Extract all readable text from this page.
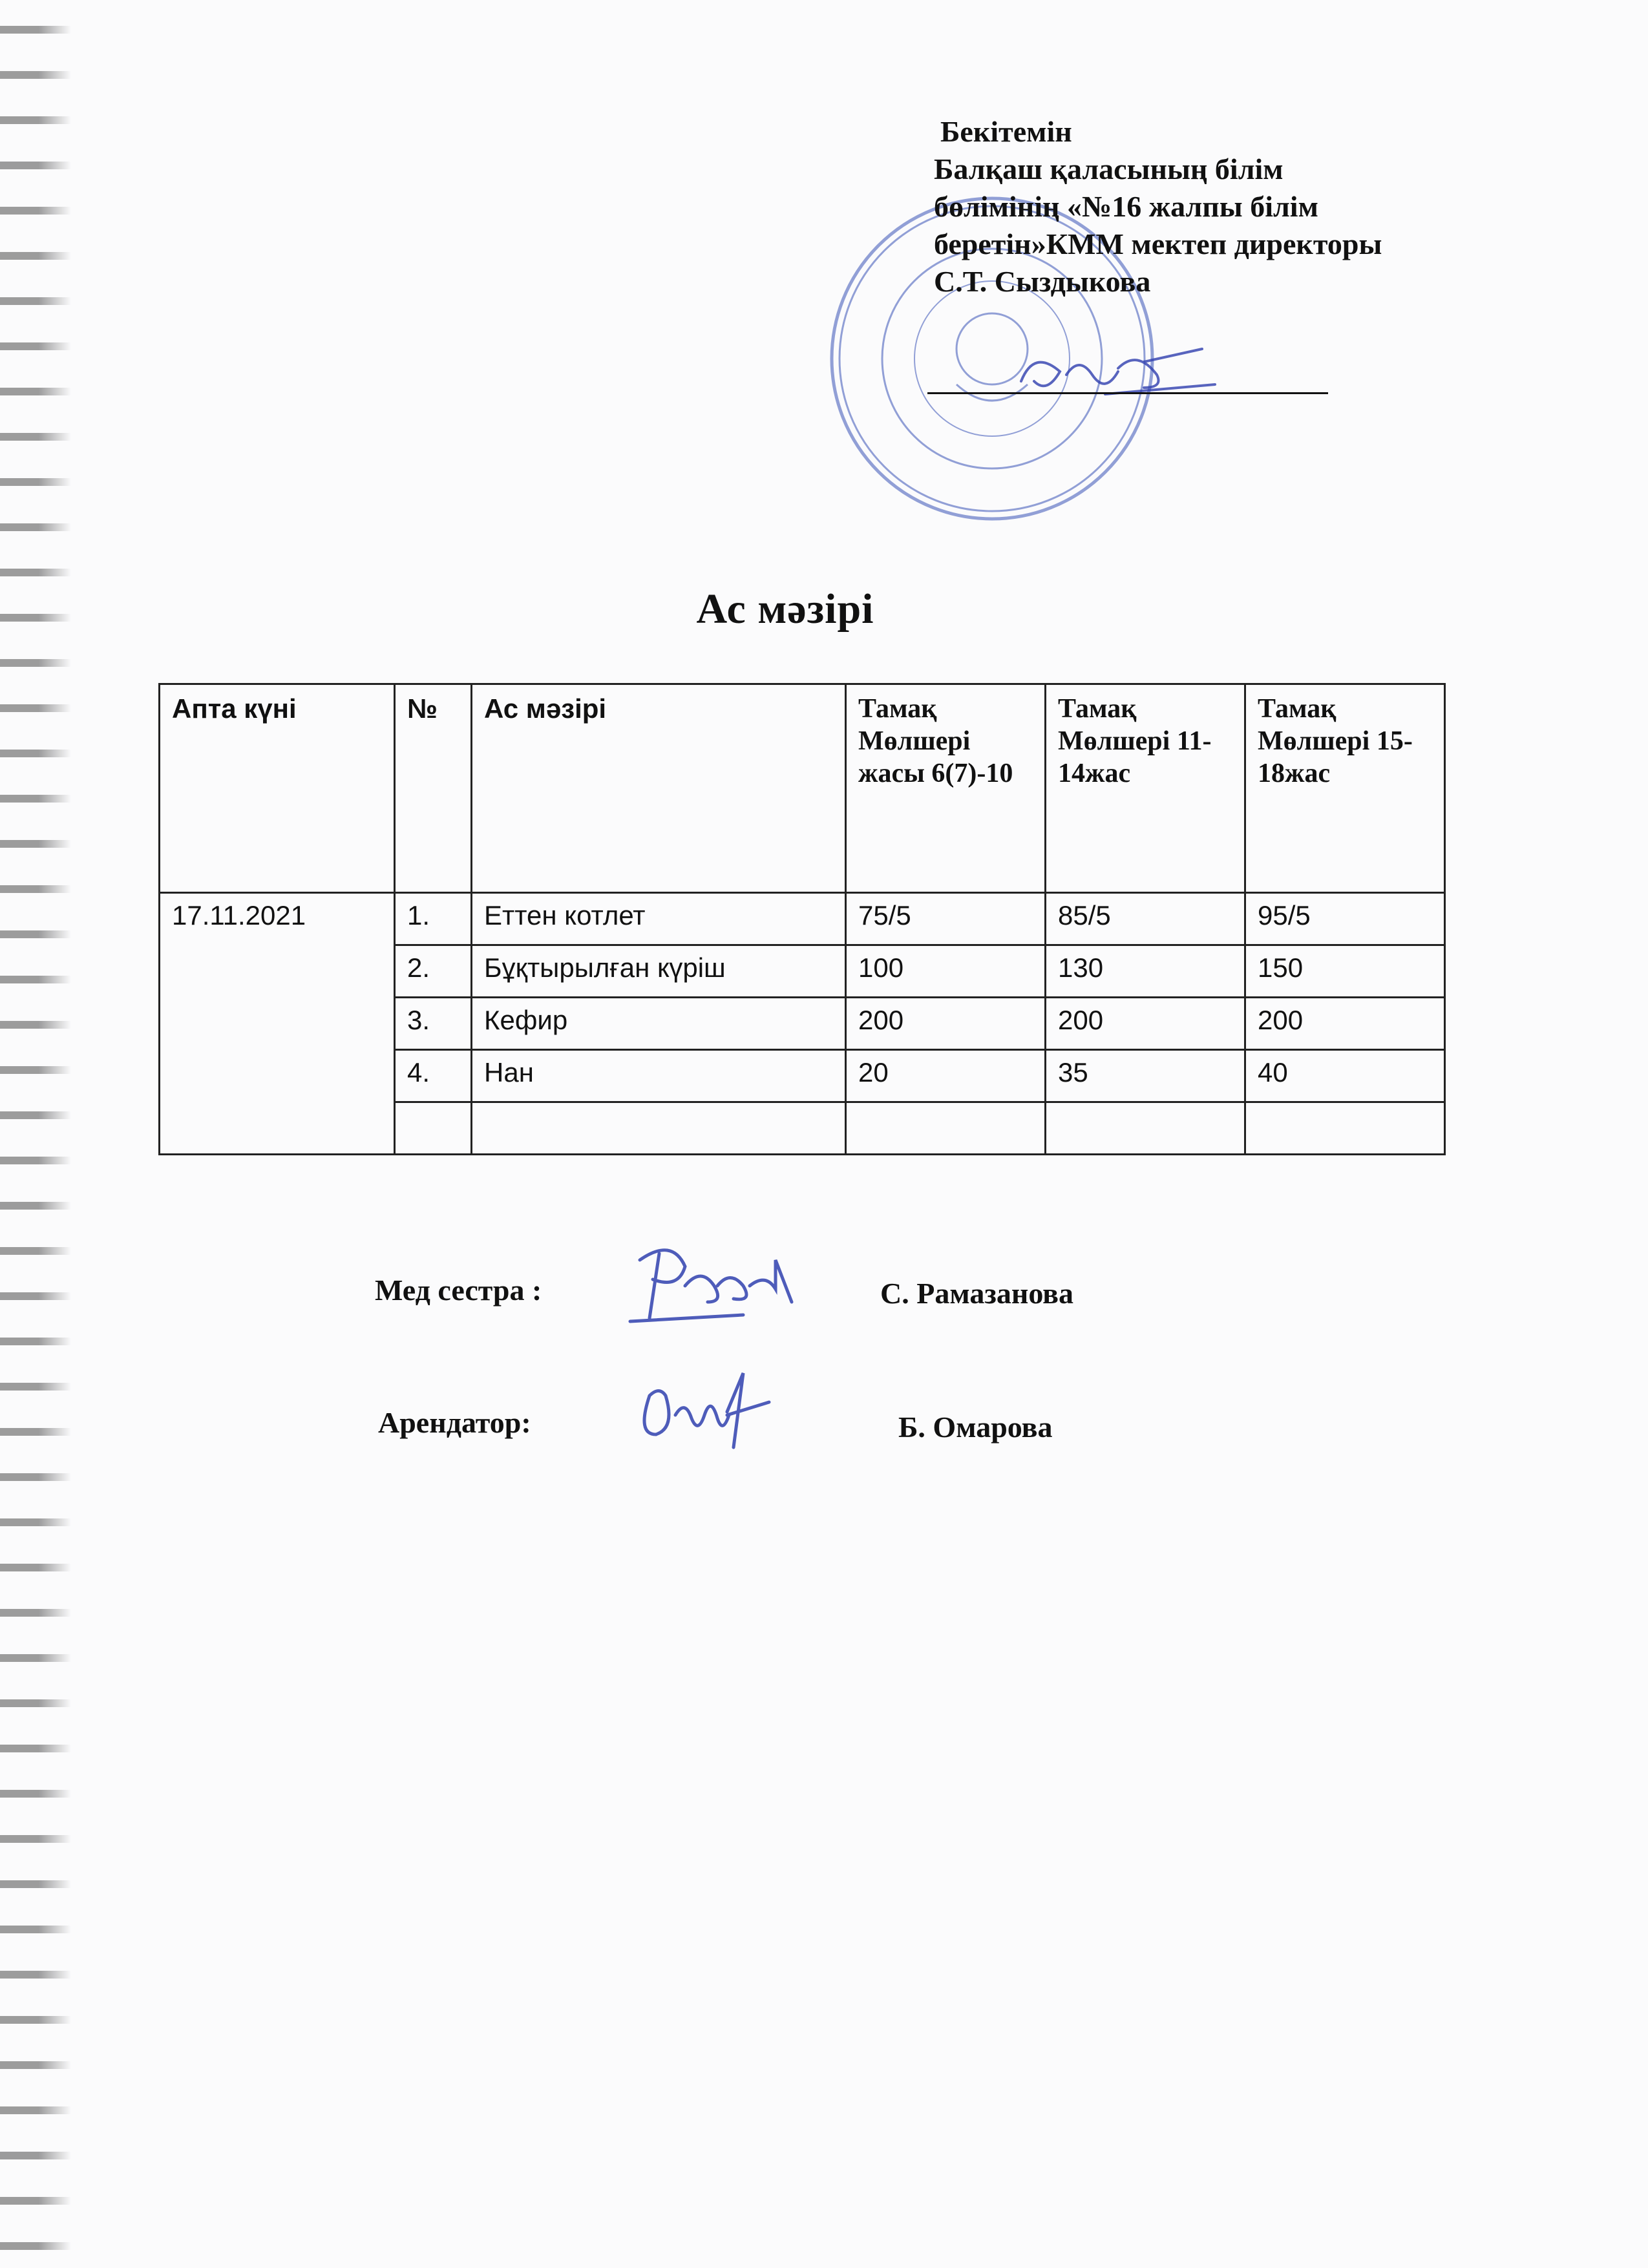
Бекітемін
Балқаш қаласының білім
бөлімінің «№16 жалпы білім
беретін»КММ мектеп директоры
С.Т. Сыздыкова
Ас мәзірі
Апта күні	№	Ас мәзірі	Тамақ Мөлшері жасы 6(7)-10	Тамақ Мөлшері 11-14жас	Тамақ Мөлшері 15-18жас
17.11.2021	1.	Еттен котлет	75/5	85/5	95/5
	2.	Бұқтырылған күріш	100	130	150
	3.	Кефир	200	200	200
	4.	Нан	20	35	40

Мед сестра :	С. Рамазанова
Арендатор:	Б. Омарова
